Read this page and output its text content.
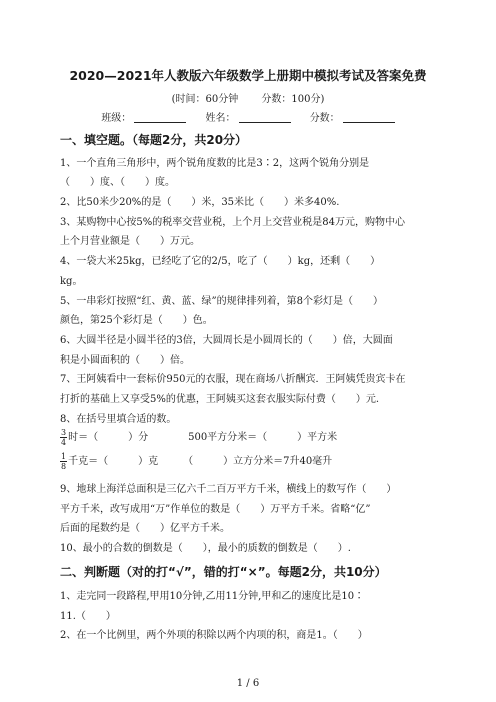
2020—2021年人教版六年级数学上册期中模拟考试及答案免费
(时间：60分钟 分数：100分)
班级：	姓名：	分数：
一、填空题。（每题2分，共20分）
1、一个直角三角形中，两个锐角度数的比是3∶2，这两个锐角分别是
（　　）度、（　　）度。
2、比50米少20%的是（　　）米，35米比（　　）米多40%.
3、某购物中心按5%的税率交营业税，上个月上交营业税是84万元，购物中心
上个月营业额是（　　）万元。
4、一袋大米25kg，已经吃了它的2/5，吃了（　　）kg，还剩（　　）
kg。
5、一串彩灯按照“红、黄、蓝、绿”的规律排列着，第8个彩灯是（　　）
颜色，第25个彩灯是（　　）色。
6、大圆半径是小圆半径的3倍，大圆周长是小圆周长的（　　）倍，大圆面
积是小圆面积的（　　）倍。
7、王阿姨看中一套标价950元的衣服，现在商场八折酬宾．王阿姨凭贵宾卡在
打折的基础上又享受5%的优惠，王阿姨买这套衣服实际付费（　　）元.
8、在括号里填合适的数。
$\frac{3}{4}$ 时＝（　　　）分　　　　500平方分米＝（　　　）平方米
$\frac{1}{8}$ 千克＝（　　　）克　　　（　　　）立方分米＝7升40毫升
9、地球上海洋总面积是三亿六千二百万平方千米，横线上的数写作（　　）
平方千米，改写成用“万”作单位的数是（　　）万平方千米。省略“亿”
后面的尾数约是（　　）亿平方千米。
10、最小的合数的倒数是（　　），最小的质数的倒数是（　　）.
二、判断题（对的打“√”，错的打“×”。每题2分，共10分）
1、走完同一段路程,甲用10分钟,乙用11分钟,甲和乙的速度比是10∶
11.（　　）
2、在一个比例里，两个外项的积除以两个内项的积，商是1。（　　）
1 / 6
